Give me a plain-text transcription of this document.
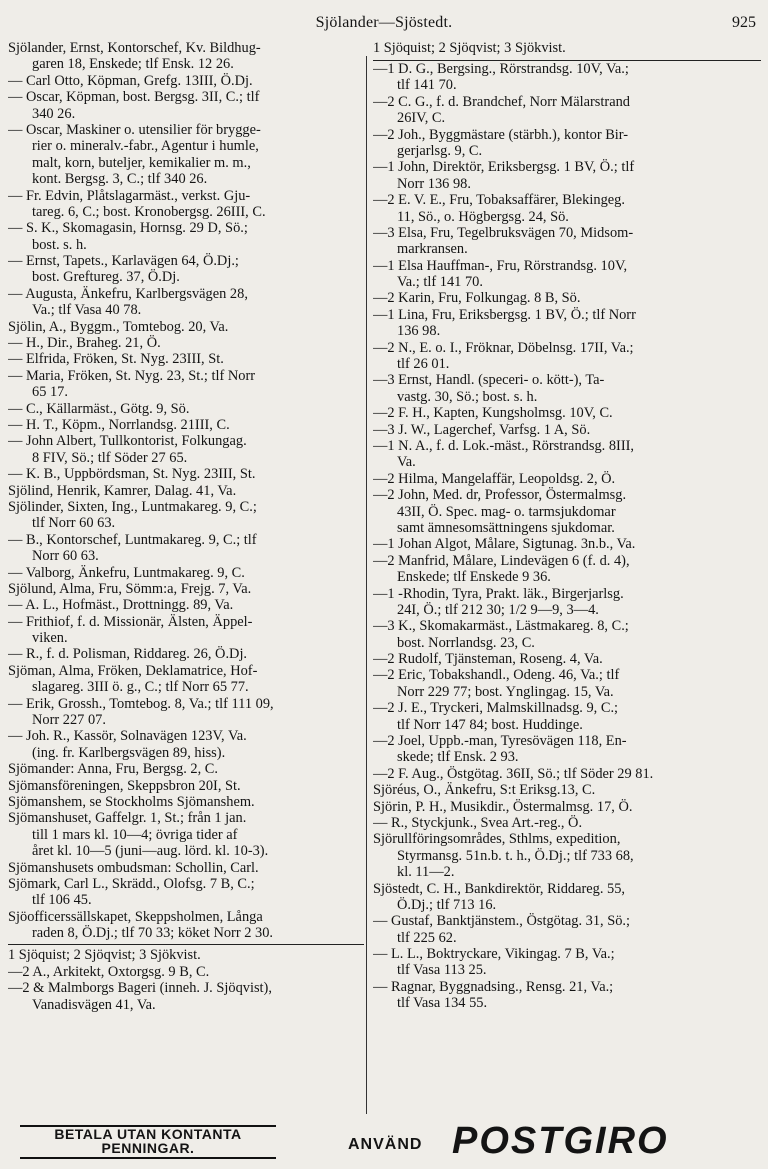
Sjölander—Sjöstedt.	925
Sjölander, Ernst, Kontorschef, Kv. Bildhug-
garen 18, Enskede; tlf Ensk. 12 26.
— Carl Otto, Köpman, Grefg. 13III, Ö.Dj.
— Oscar, Köpman, bost. Bergsg. 3II, C.; tlf
340 26.
— Oscar, Maskiner o. utensilier för brygge-
rier o. mineralv.-fabr., Agentur i humle,
malt, korn, buteljer, kemikalier m. m.,
kont. Bergsg. 3, C.; tlf 340 26.
— Fr. Edvin, Plåtslagarmäst., verkst. Gju-
tareg. 6, C.; bost. Kronobergsg. 26III, C.
— S. K., Skomagasin, Hornsg. 29 D, Sö.;
bost. s. h.
— Ernst, Tapets., Karlavägen 64, Ö.Dj.;
bost. Greftureg. 37, Ö.Dj.
— Augusta, Änkefru, Karlbergsvägen 28,
Va.; tlf Vasa 40 78.
Sjölin, A., Byggm., Tomtebog. 20, Va.
— H., Dir., Braheg. 21, Ö.
— Elfrida, Fröken, St. Nyg. 23III, St.
— Maria, Fröken, St. Nyg. 23, St.; tlf Norr
65 17.
— C., Källarmäst., Götg. 9, Sö.
— H. T., Köpm., Norrlandsg. 21III, C.
— John Albert, Tullkontorist, Folkungag.
8 FIV, Sö.; tlf Söder 27 65.
— K. B., Uppbördsman, St. Nyg. 23III, St.
Sjölind, Henrik, Kamrer, Dalag. 41, Va.
Sjölinder, Sixten, Ing., Luntmakareg. 9, C.;
tlf Norr 60 63.
— B., Kontorschef, Luntmakareg. 9, C.; tlf
Norr 60 63.
— Valborg, Änkefru, Luntmakareg. 9, C.
Sjölund, Alma, Fru, Sömm:a, Frejg. 7, Va.
— A. L., Hofmäst., Drottningg. 89, Va.
— Frithiof, f. d. Missionär, Älsten, Äppel-
viken.
— R., f. d. Polisman, Riddareg. 26, Ö.Dj.
Sjöman, Alma, Fröken, Deklamatrice, Hof-
slagareg. 3III ö. g., C.; tlf Norr 65 77.
— Erik, Grossh., Tomtebog. 8, Va.; tlf 111 09,
Norr 227 07.
— Joh. R., Kassör, Solnavägen 123V, Va.
(ing. fr. Karlbergsvägen 89, hiss).
Sjömander: Anna, Fru, Bergsg. 2, C.
Sjömansföreningen, Skeppsbron 20I, St.
Sjömanshem, se Stockholms Sjömanshem.
Sjömanshuset, Gaffelgr. 1, St.; från 1 jan.
till 1 mars kl. 10—4; övriga tider af
året kl. 10—5 (juni—aug. lörd. kl. 10-3).
Sjömanshusets ombudsman: Schollin, Carl.
Sjömark, Carl L., Skrädd., Olofsg. 7 B, C.;
tlf 106 45.
Sjöofficerssällskapet, Skeppsholmen, Långa
raden 8, Ö.Dj.; tlf 70 33; köket Norr 2 30.
1 Sjöquist; 2 Sjöqvist; 3 Sjökvist.
—2 A., Arkitekt, Oxtorgsg. 9 B, C.
—2 & Malmborgs Bageri (inneh. J. Sjöqvist),
Vanadisvägen 41, Va.
1 Sjöquist; 2 Sjöqvist; 3 Sjökvist.
—1 D. G., Bergsing., Rörstrandsg. 10V, Va.;
tlf 141 70.
—2 C. G., f. d. Brandchef, Norr Mälarstrand
26IV, C.
—2 Joh., Byggmästare (stärbh.), kontor Bir-
gerjarlsg. 9, C.
—1 John, Direktör, Eriksbergsg. 1 BV, Ö.; tlf
Norr 136 98.
—2 E. V. E., Fru, Tobaksaffärer, Blekingeg.
11, Sö., o. Högbergsg. 24, Sö.
—3 Elsa, Fru, Tegelbruksvägen 70, Midsom-
markransen.
—1 Elsa Hauffman-, Fru, Rörstrandsg. 10V,
Va.; tlf 141 70.
—2 Karin, Fru, Folkungag. 8 B, Sö.
—1 Lina, Fru, Eriksbergsg. 1 BV, Ö.; tlf Norr
136 98.
—2 N., E. o. I., Fröknar, Döbelnsg. 17II, Va.;
tlf 26 01.
—3 Ernst, Handl. (speceri- o. kött-), Ta-
vastg. 30, Sö.; bost. s. h.
—2 F. H., Kapten, Kungsholmsg. 10V, C.
—3 J. W., Lagerchef, Varfsg. 1 A, Sö.
—1 N. A., f. d. Lok.-mäst., Rörstrandsg. 8III,
Va.
—2 Hilma, Mangelaffär, Leopoldsg. 2, Ö.
—2 John, Med. dr, Professor, Östermalmsg.
43II, Ö. Spec. mag- o. tarmsjukdomar
samt ämnesomsättningens sjukdomar.
—1 Johan Algot, Målare, Sigtunag. 3n.b., Va.
—2 Manfrid, Målare, Lindevägen 6 (f. d. 4),
Enskede; tlf Enskede 9 36.
—1 -Rhodin, Tyra, Prakt. läk., Birgerjarlsg.
24I, Ö.; tlf 212 30; 1/2 9—9, 3—4.
—3 K., Skomakarmäst., Lästmakareg. 8, C.;
bost. Norrlandsg. 23, C.
—2 Rudolf, Tjänsteman, Roseng. 4, Va.
—2 Eric, Tobakshandl., Odeng. 46, Va.; tlf
Norr 229 77; bost. Ynglingag. 15, Va.
—2 J. E., Tryckeri, Malmskillnadsg. 9, C.;
tlf Norr 147 84; bost. Huddinge.
—2 Joel, Uppb.-man, Tyresövägen 118, En-
skede; tlf Ensk. 2 93.
—2 F. Aug., Östgötag. 36II, Sö.; tlf Söder 29 81.
Sjöréus, O., Änkefru, S:t Eriksg.13, C.
Sjörin, P. H., Musikdir., Östermalmsg. 17, Ö.
— R., Styckjunk., Svea Art.-reg., Ö.
Sjörullföringsområdes, Sthlms, expedition,
Styrmansg. 51n.b. t. h., Ö.Dj.; tlf 733 68,
kl. 11—2.
Sjöstedt, C. H., Bankdirektör, Riddareg. 55,
Ö.Dj.; tlf 713 16.
— Gustaf, Banktjänstem., Östgötag. 31, Sö.;
tlf 225 62.
— L. L., Boktryckare, Vikingag. 7 B, Va.;
tlf Vasa 113 25.
— Ragnar, Byggnadsing., Rensg. 21, Va.;
tlf Vasa 134 55.
BETALA UTAN KONTANTA
PENNINGAR.	ANVÄND POSTGIRO
